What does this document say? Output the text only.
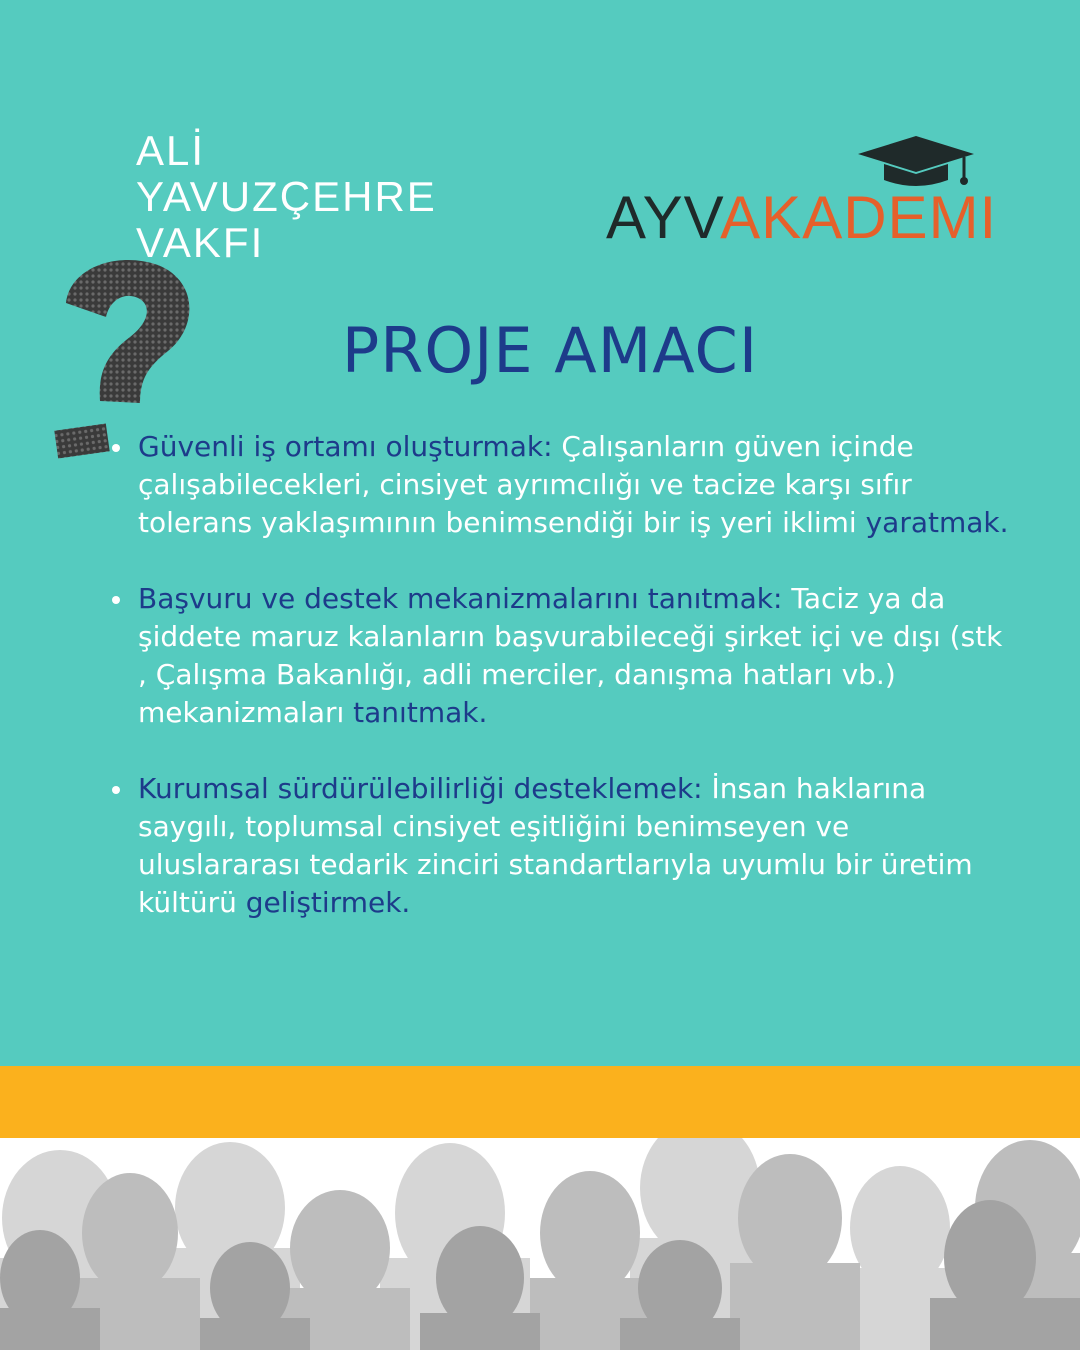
ALİ
YAVUZÇEHRE
VAKFI	AYVAKADEMI
PROJE AMACI
Güvenli iş ortamı oluşturmak: Çalışanların güven içinde çalışabilecekleri, cinsiyet ayrımcılığı ve tacize karşı sıfır tolerans yaklaşımının benimsendiği bir iş yeri iklimi yaratmak.
Başvuru ve destek mekanizmalarını tanıtmak: Taciz ya da şiddete maruz kalanların başvurabileceği şirket içi ve dışı (stk , Çalışma Bakanlığı, adli merciler, danışma hatları vb.) mekanizmaları tanıtmak.
Kurumsal sürdürülebilirliği desteklemek: İnsan haklarına saygılı, toplumsal cinsiyet eşitliğini benimseyen ve uluslararası tedarik zinciri standartlarıyla uyumlu bir üretim kültürü geliştirmek.
